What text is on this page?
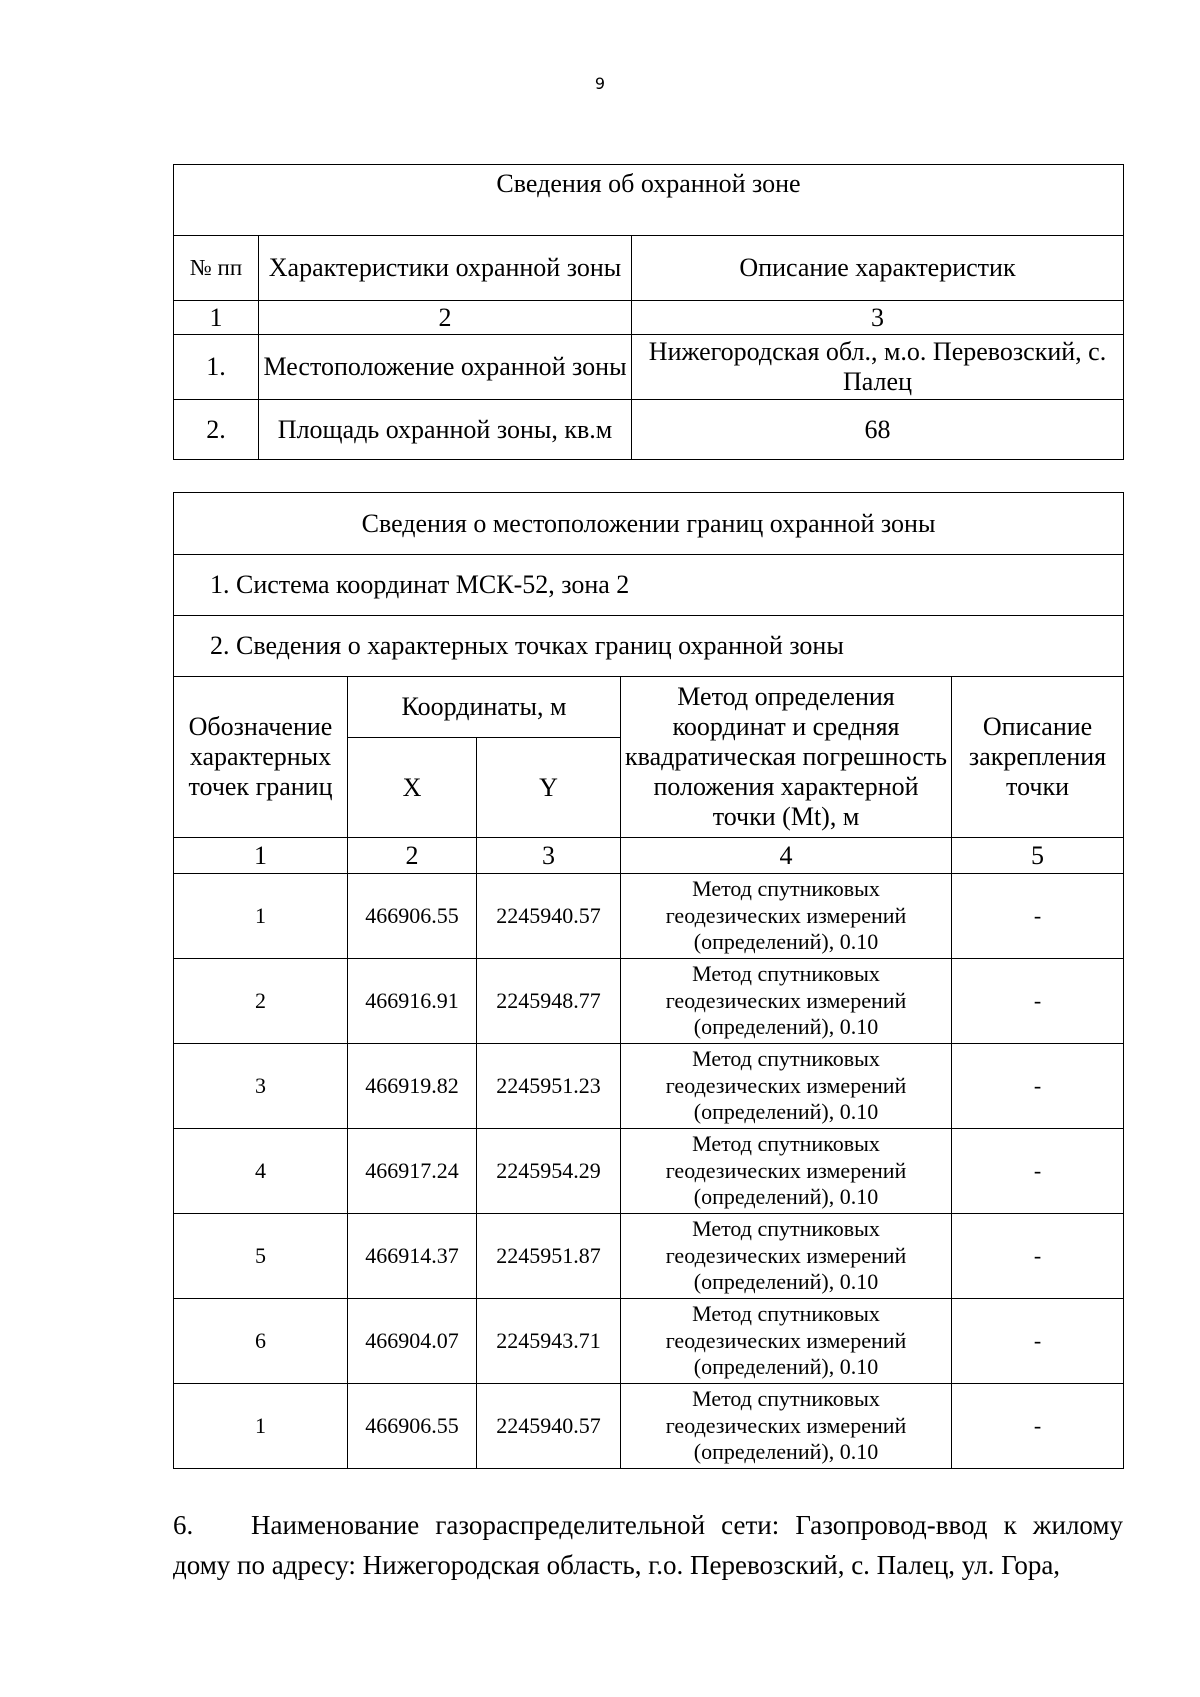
9
Сведения об охранной зоне		
№ пп	Характеристики охранной зоны	Описание характеристик
1	2	3
1.	Местоположение охранной зоны	Нижегородская обл., м.о. Перевозский, с. Палец
2.	Площадь охранной зоны, кв.м	68
Сведения о местоположении границ охранной зоны				
1. Система координат МСК-52, зона 2				
2. Сведения о характерных точках границ охранной зоны				
Обозначение характерных точек границ	Координаты, м		Метод определения координат и средняя квадратическая погрешность положения характерной точки (Mt), м	Описание закрепления точки
	X	Y		
1	2	3	4	5
1	466906.55	2245940.57	Метод спутниковых геодезических измерений (определений), 0.10	-
2	466916.91	2245948.77	Метод спутниковых геодезических измерений (определений), 0.10	-
3	466919.82	2245951.23	Метод спутниковых геодезических измерений (определений), 0.10	-
4	466917.24	2245954.29	Метод спутниковых геодезических измерений (определений), 0.10	-
5	466914.37	2245951.87	Метод спутниковых геодезических измерений (определений), 0.10	-
6	466904.07	2245943.71	Метод спутниковых геодезических измерений (определений), 0.10	-
1	466906.55	2245940.57	Метод спутниковых геодезических измерений (определений), 0.10	-
6. Наименование газораспределительной сети: Газопровод-ввод к жилому дому по адресу: Нижегородская область, г.о. Перевозский, с. Палец, ул. Гора,
